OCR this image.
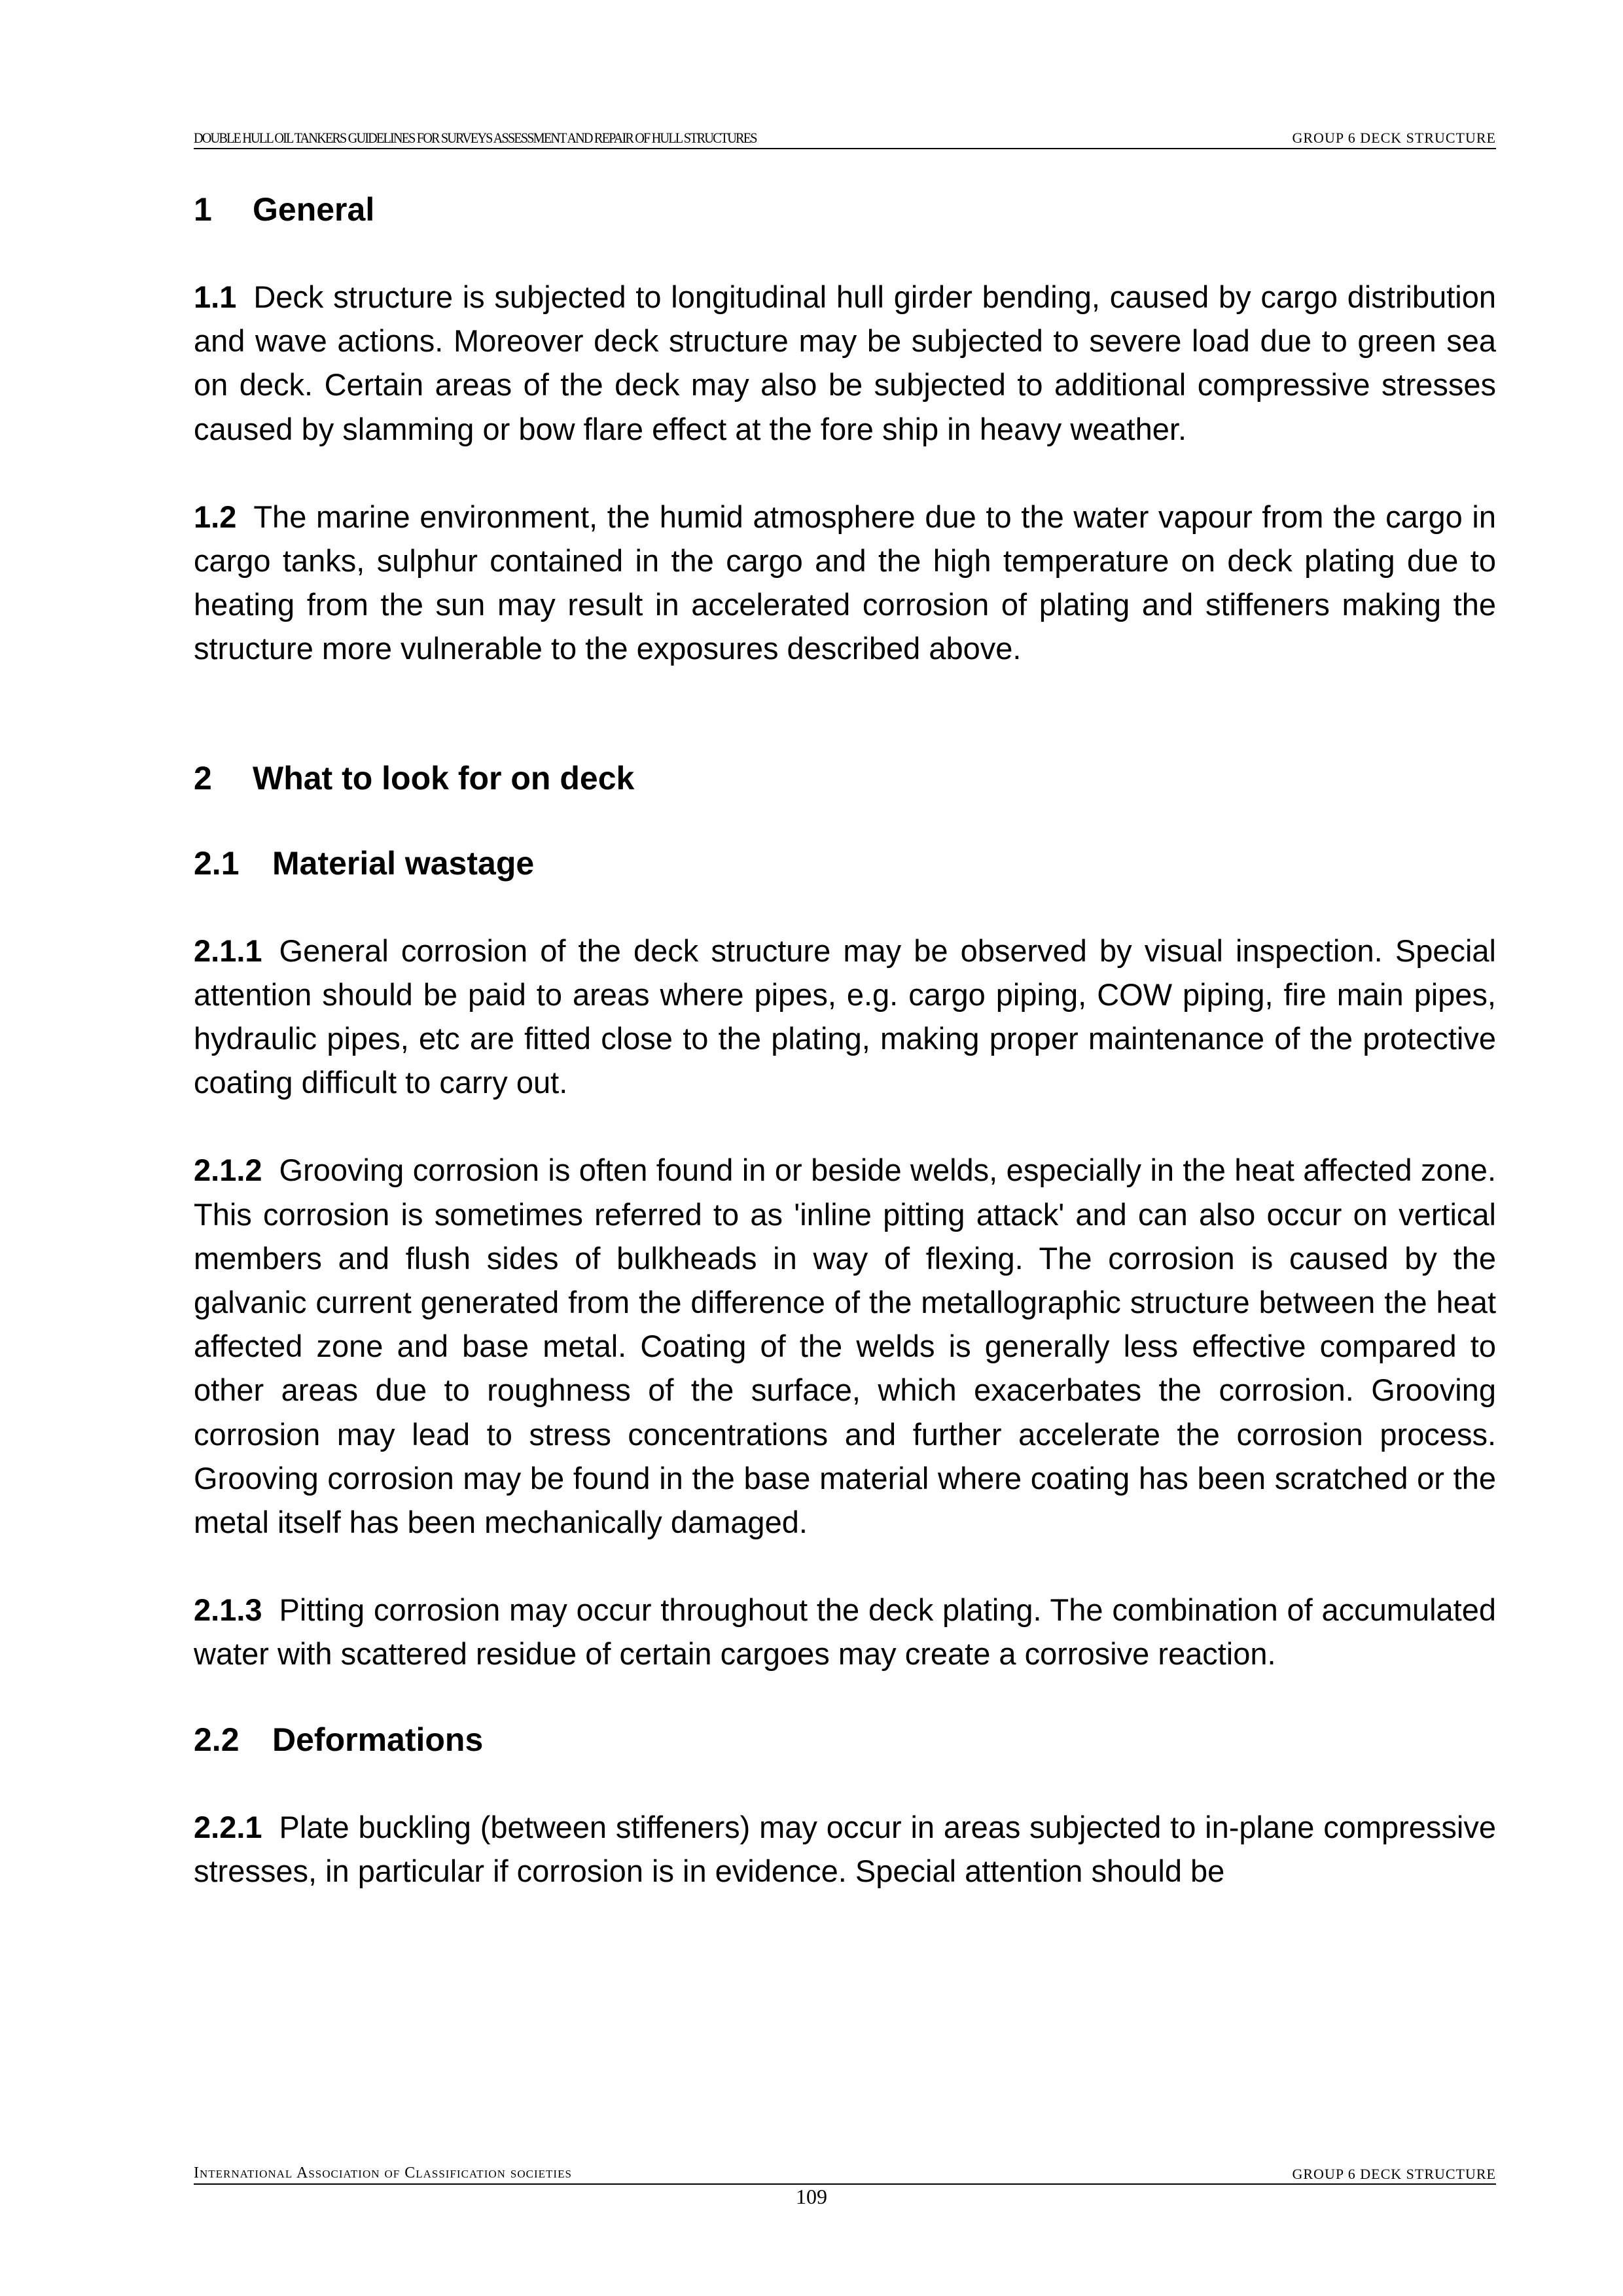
DOUBLE HULL OIL TANKERS GUIDELINES FOR SURVEYS ASSESSMENT AND REPAIR OF HULL STRUCTURES	GROUP 6 DECK STRUCTURE
1 General

1.1 Deck structure is subjected to longitudinal hull girder bending, caused by cargo distribution and wave actions. Moreover deck structure may be subjected to severe load due to green sea on deck. Certain areas of the deck may also be subjected to additional compressive stresses caused by slamming or bow flare effect at the fore ship in heavy weather.

1.2 The marine environment, the humid atmosphere due to the water vapour from the cargo in cargo tanks, sulphur contained in the cargo and the high temperature on deck plating due to heating from the sun may result in accelerated corrosion of plating and stiffeners making the structure more vulnerable to the exposures described above.

2 What to look for on deck
2.1 Material wastage

2.1.1 General corrosion of the deck structure may be observed by visual inspection. Special attention should be paid to areas where pipes, e.g. cargo piping, COW piping, fire main pipes, hydraulic pipes, etc are fitted close to the plating, making proper maintenance of the protective coating difficult to carry out.

2.1.2 Grooving corrosion is often found in or beside welds, especially in the heat affected zone. This corrosion is sometimes referred to as 'inline pitting attack' and can also occur on vertical members and flush sides of bulkheads in way of flexing. The corrosion is caused by the galvanic current generated from the difference of the metallographic structure between the heat affected zone and base metal. Coating of the welds is generally less effective compared to other areas due to roughness of the surface, which exacerbates the corrosion. Grooving corrosion may lead to stress concentrations and further accelerate the corrosion process. Grooving corrosion may be found in the base material where coating has been scratched or the metal itself has been mechanically damaged.

2.1.3 Pitting corrosion may occur throughout the deck plating. The combination of accumulated water with scattered residue of certain cargoes may create a corrosive reaction.

2.2 Deformations

2.2.1 Plate buckling (between stiffeners) may occur in areas subjected to in-plane compressive stresses, in particular if corrosion is in evidence. Special attention should be

International Association of Classification societies	GROUP 6 DECK STRUCTURE
109
